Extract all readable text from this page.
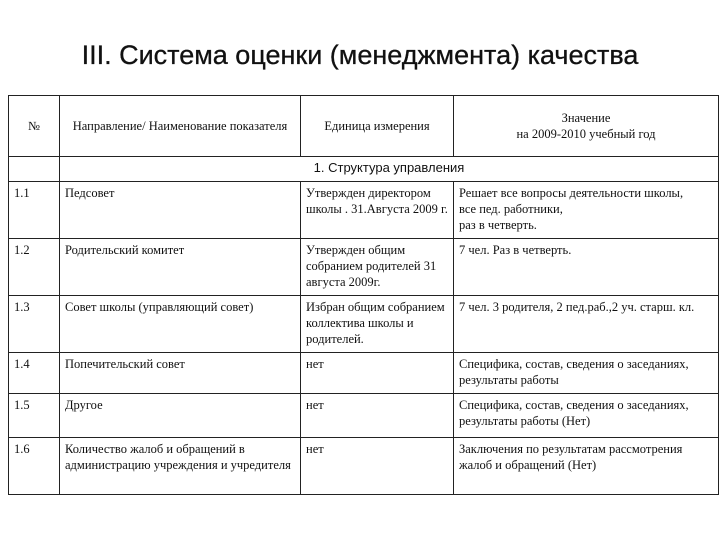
III. Система оценки (менеджмента) качества
№	Направление/ Наименование показателя	Единица измерения	Значение
на 2009-2010 учебный год
	1. Структура управления		
1.1	Педсовет	Утвержден директором школы . 31.Августа 2009 г.	Решает все вопросы деятельности школы,
все пед. работники,
раз в четверть.
1.2	Родительский комитет	Утвержден общим собранием родителей 31 августа 2009г.	7 чел. Раз в четверть.
1.3	Совет школы (управляющий совет)	Избран общим собранием коллектива школы и родителей.	7 чел. 3 родителя, 2 пед.раб.,2 уч. старш. кл.
1.4	Попечительский совет	нет	Специфика, состав, сведения о заседаниях, результаты работы
1.5	Другое	нет	Специфика, состав, сведения о заседаниях, результаты работы (Нет)
1.6	Количество жалоб и обращений в администрацию учреждения и учредителя	нет	Заключения по результатам рассмотрения жалоб и обращений (Нет)
